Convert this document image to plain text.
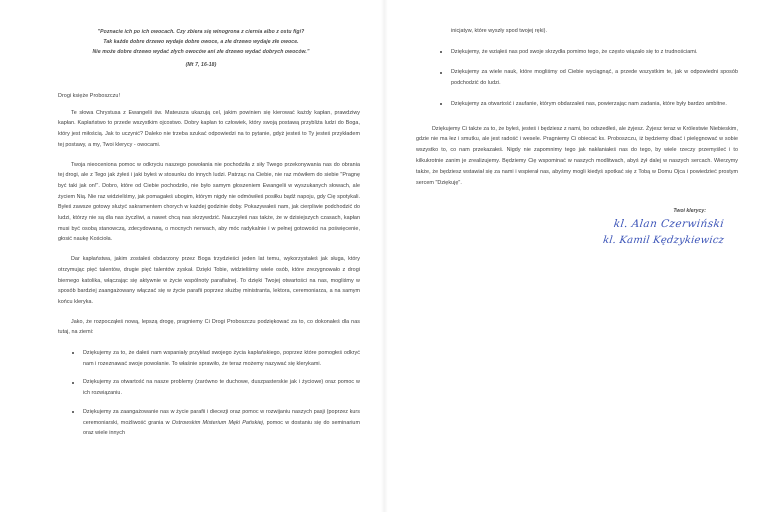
"Poznacie ich po ich owocach. Czy zbiera się winogrona z ciernia albo z ostu figi?
Tak każde dobre drzewo wydaje dobre owoce, a złe drzewo wydaje złe owoce.
Nie może dobre drzewo wydać złych owoców ani złe drzewo wydać dobrych owoców."
(Mt 7, 16-18)
Drogi księże Proboszczu!

Te słowa Chrystusa z Ewangelii św. Mateusza ukazują cel, jakim powinien się kierować każdy kapłan, prawdziwy kapłan. Kapłaństwo to przede wszystkim ojcostwo. Dobry kapłan to człowiek, który swoją postawą przybliża ludzi do Boga, który jest miłością. Jak to uczynić? Daleko nie trzeba szukać odpowiedzi na to pytanie, gdyż jesteś to Ty jesteś przykładem tej postawy, a my, Twoi klerycy - owocami.

Twoja nieoceniona pomoc w odkryciu naszego powołania nie pochodziła z siły Twego przekonywania nas do obrania tej drogi, ale z Tego jak żyłeś i jaki byłeś w stosunku do innych ludzi. Patrząc na Ciebie, nie raz mówiłem do siebie "Pragnę być taki jak on!". Dobro, które od Ciebie pochodziło, nie było samym głoszeniem Ewangelii w wyszukanych słowach, ale życiem Nią. Nie raz widzieliśmy, jak pomagałeś ubogim, którym nigdy nie odmówiłeś posiłku bądź napoju, gdy Cię spotykali. Byłeś zawsze gotowy służyć sakramentem chorych w każdej godzinie doby. Pokazywałeś nam, jak cierpliwie podchodzić do ludzi, którzy nie są dla nas życzliwi, a nawet chcą nas skrzywdzić. Nauczyłeś nas także, że w dzisiejszych czasach, kapłan musi być osobą stanowczą, zdecydowaną, o mocnych nerwach, aby móc radykalnie i w pełnej gotowości na poświęcenie, głosić naukę Kościoła.

Dar kapłaństwa, jakim zostałeś obdarzony przez Boga trzydzieści jeden lat temu, wykorzystałeś jak sługa, który otrzymując pięć talentów, drugie pięć talentów zyskał. Dzięki Tobie, widzieliśmy wiele osób, które zrezygnowało z drogi biernego katolika, włączając się aktywnie w życie wspólnoty parafialnej. To dzięki Twojej otwartości na nas, mogliśmy w sposób bardziej zaangażowany włączać się w życie parafii poprzez służbę ministranta, lektora, ceremoniarza, a na samym końcu kleryka.

Jako, że rozpocząłeś nową, lepszą drogę, pragniemy Ci Drogi Proboszczu podziękować za to, co dokonałeś dla nas tutaj, na ziemi:

Dziękujemy za to, że dałeś nam wspaniały przykład swojego życia kapłańskiego, poprzez które pomogłeś odkryć nam i rozeznawać swoje powołanie. To właśnie sprawiło, że teraz możemy nazywać się klerykami.
Dziękujemy za otwartość na nasze problemy (zarówno te duchowe, duszpasterskie jak i życiowe) oraz pomoc w ich rozwiązaniu.
Dziękujemy za zaangażowanie nas w życie parafii i diecezji oraz pomoc w rozwijaniu naszych pasji (poprzez kurs ceremoniarski, możliwość grania w Ostrowskim Misterium Męki Pańskiej, pomoc w dostaniu się do seminarium oraz wiele innych
inicjatyw, które wyszły spod twojej ręki).
Dziękujemy, że wziąłeś nas pod swoje skrzydła pomimo tego, że często wiązało się to z trudnościami.
Dziękujemy za wiele nauk, które mogliśmy od Ciebie wyciągnąć, a przede wszystkim te, jak w odpowiedni sposób podchodzić do ludzi.
Dziękujemy za otwartość i zaufanie, którym obdarzałeś nas, powierzając nam zadania, które były bardzo ambitne.

Dziękujemy Ci także za to, że byłeś, jesteś i będziesz z nami, bo odszedłeś, ale żyjesz. Żyjesz teraz w Królestwie Niebieskim, gdzie nie ma łez i smutku, ale jest radość i wesele. Pragniemy Ci obiecać ks. Proboszczu, iż będziemy dbać i pielęgnować w sobie wszystko to, co nam przekazałeś. Nigdy nie zapomnimy tego jak nakłaniałeś nas do tego, by wiele rzeczy przemyśleć i to kilkukrotnie zanim je zrealizujemy. Będziemy Cię wspominać w naszych modlitwach, abyś żył dalej w naszych sercach. Wierzymy także, że będziesz wstawiał się za nami i wspierał nas, abyśmy mogli kiedyś spotkać się z Tobą w Domu Ojca i powiedzieć prostym sercem "Dziękuję".

Twoi klerycy:
kl. Alan Czerwiński
kl. Kamil Kędzykiewicz
